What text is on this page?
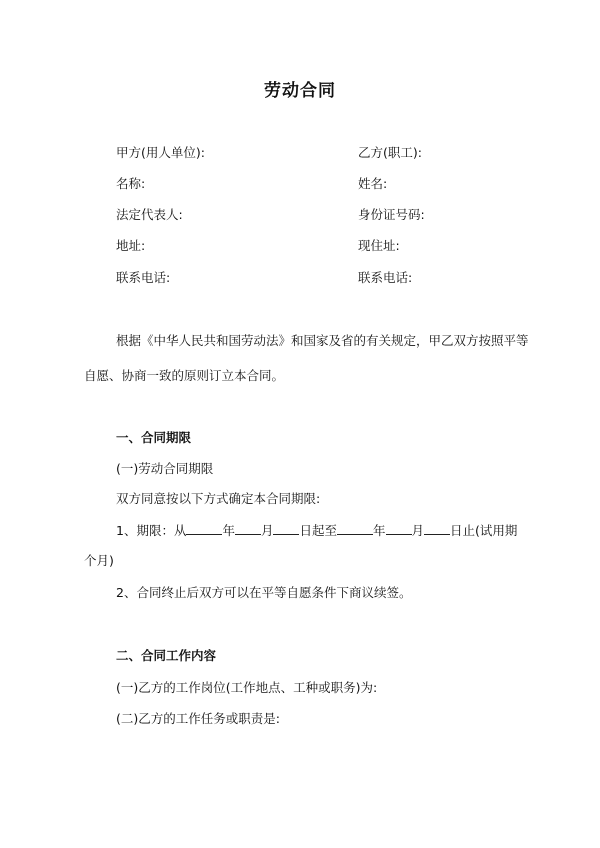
劳动合同
甲方(用人单位):
名称:
法定代表人:
地址:
联系电话:
乙方(职工):
姓名:
身份证号码:
现住址:
联系电话:
根据《中华人民共和国劳动法》和国家及省的有关规定，甲乙双方按照平等
自愿、协商一致的原则订立本合同。
一、合同期限
(一)劳动合同期限
双方同意按以下方式确定本合同期限:
1、期限：从	年 月 日起至	年 月 日止(试用期
个月)
2、合同终止后双方可以在平等自愿条件下商议续签。
二、合同工作内容
(一)乙方的工作岗位(工作地点、工种或职务)为:
(二)乙方的工作任务或职责是:
